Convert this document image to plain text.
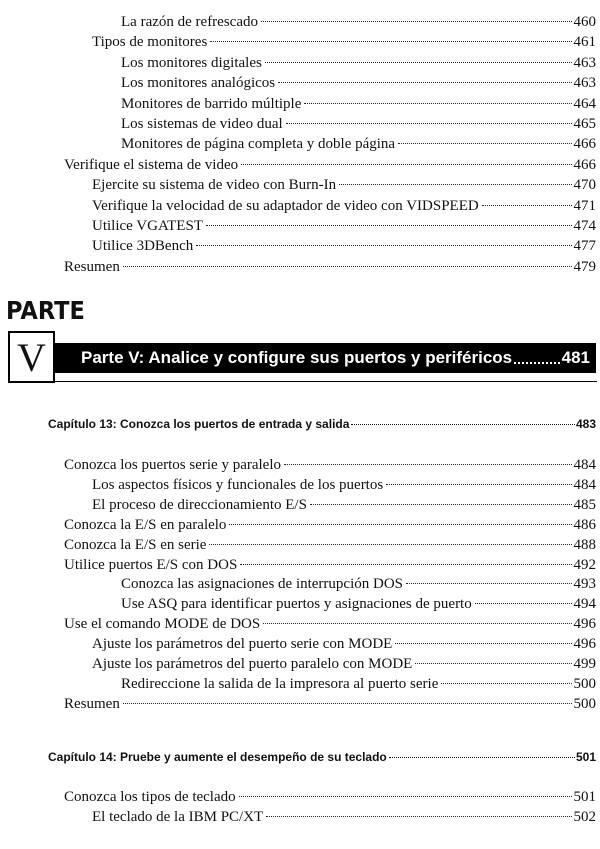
La razón de refrescado	460
Tipos de monitores	461
Los monitores digitales	463
Los monitores analógicos	463
Monitores de barrido múltiple	464
Los sistemas de video dual	465
Monitores de página completa y doble página	466
Verifique el sistema de video	466
Ejercite su sistema de video con Burn-In	470
Verifique la velocidad de su adaptador de video con VIDSPEED	471
Utilice VGATEST	474
Utilice 3DBench	477
Resumen	479
PARTE
V Parte V: Analice y configure sus puertos y periféricos	481
Capítulo 13: Conozca los puertos de entrada y salida	483
Conozca los puertos serie y paralelo	484
Los aspectos físicos y funcionales de los puertos	484
El proceso de direccionamiento E/S	485
Conozca la E/S en paralelo	486
Conozca la E/S en serie	488
Utilice puertos E/S con DOS	492
Conozca las asignaciones de interrupción DOS	493
Use ASQ para identificar puertos y asignaciones de puerto	494
Use el comando MODE de DOS	496
Ajuste los parámetros del puerto serie con MODE	496
Ajuste los parámetros del puerto paralelo con MODE	499
Redireccione la salida de la impresora al puerto serie	500
Resumen	500
Capítulo 14: Pruebe y aumente el desempeño de su teclado	501
Conozca los tipos de teclado	501
El teclado de la IBM PC/XT	502
